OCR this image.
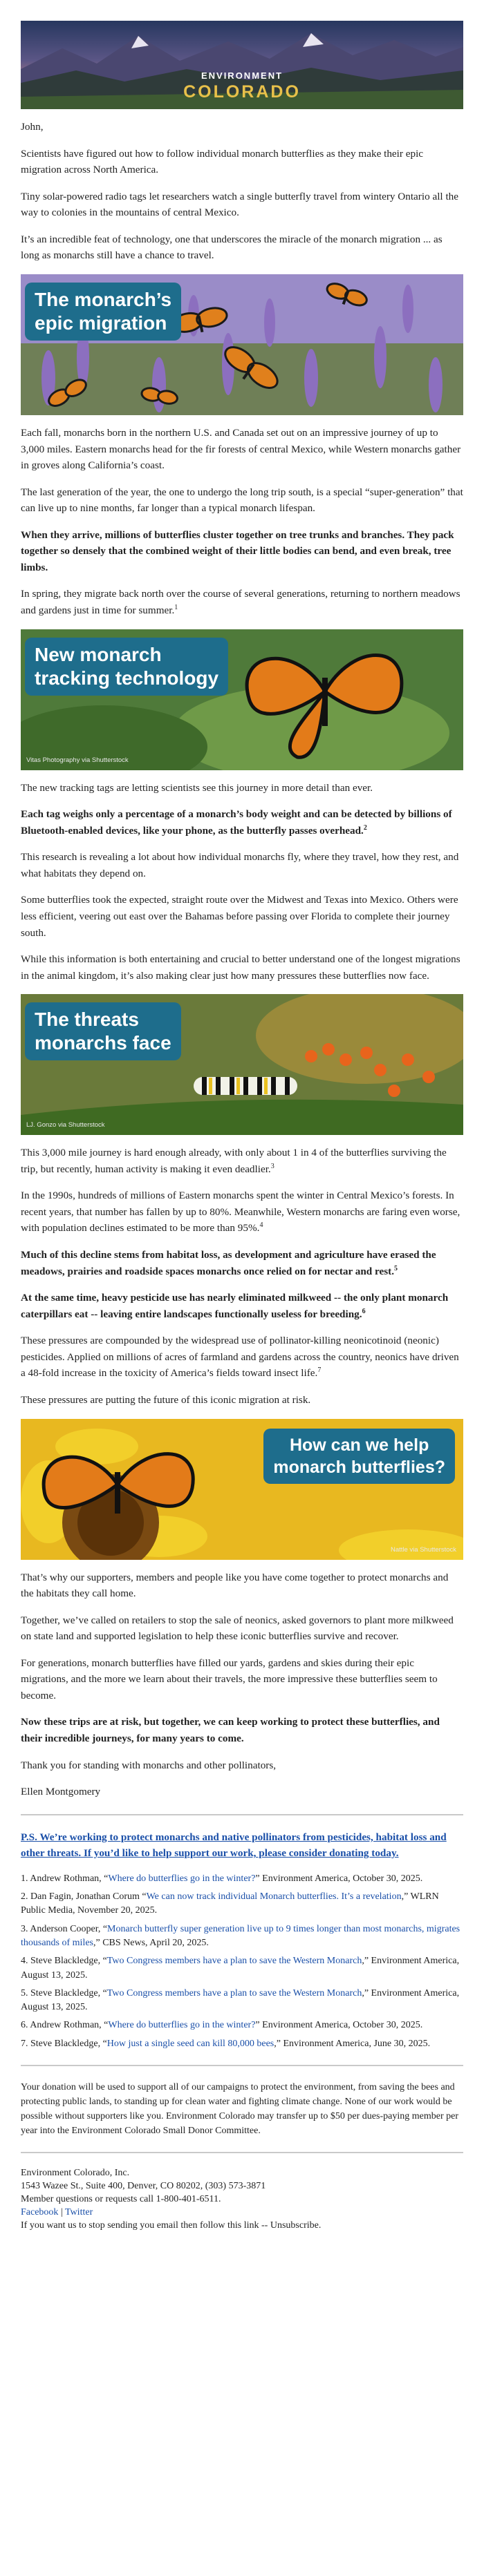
ENVIRONMENT
COLORADO

John,

Scientists have figured out how to follow individual monarch butterflies as they make their epic migration across North America.

Tiny solar-powered radio tags let researchers watch a single butterfly travel from wintery Ontario all the way to colonies in the mountains of central Mexico.

It’s an incredible feat of technology, one that underscores the miracle of the monarch migration ... as long as monarchs still have a chance to travel.

The monarch’s
epic migration

Each fall, monarchs born in the northern U.S. and Canada set out on an impressive journey of up to 3,000 miles. Eastern monarchs head for the fir forests of central Mexico, while Western monarchs gather in groves along California’s coast.

The last generation of the year, the one to undergo the long trip south, is a special “super-generation” that can live up to nine months, far longer than a typical monarch lifespan.

When they arrive, millions of butterflies cluster together on tree trunks and branches. They pack together so densely that the combined weight of their little bodies can bend, and even break, tree limbs.

In spring, they migrate back north over the course of several generations, returning to northern meadows and gardens just in time for summer.$^1$

New monarch
tracking technology
Vitas Photography via Shutterstock

The new tracking tags are letting scientists see this journey in more detail than ever.

Each tag weighs only a percentage of a monarch’s body weight and can be detected by billions of Bluetooth-enabled devices, like your phone, as the butterfly passes overhead.$^2$

This research is revealing a lot about how individual monarchs fly, where they travel, how they rest, and what habitats they depend on.

Some butterflies took the expected, straight route over the Midwest and Texas into Mexico. Others were less efficient, veering out east over the Bahamas before passing over Florida to complete their journey south.

While this information is both entertaining and crucial to better understand one of the longest migrations in the animal kingdom, it’s also making clear just how many pressures these butterflies now face.

The threats
monarchs face
LJ. Gonzo via Shutterstock

This 3,000 mile journey is hard enough already, with only about 1 in 4 of the butterflies surviving the trip, but recently, human activity is making it even deadlier.$^3$

In the 1990s, hundreds of millions of Eastern monarchs spent the winter in Central Mexico’s forests. In recent years, that number has fallen by up to 80%. Meanwhile, Western monarchs are faring even worse, with population declines estimated to be more than 95%.$^4$

Much of this decline stems from habitat loss, as development and agriculture have erased the meadows, prairies and roadside spaces monarchs once relied on for nectar and rest.$^5$

At the same time, heavy pesticide use has nearly eliminated milkweed -- the only plant monarch caterpillars eat -- leaving entire landscapes functionally useless for breeding.$^6$

These pressures are compounded by the widespread use of pollinator-killing neonicotinoid (neonic) pesticides. Applied on millions of acres of farmland and gardens across the country, neonics have driven a 48-fold increase in the toxicity of America’s fields toward insect life.$^7$

These pressures are putting the future of this iconic migration at risk.

How can we help
monarch butterflies?
Nattle via Shutterstock

That’s why our supporters, members and people like you have come together to protect monarchs and the habitats they call home.

Together, we’ve called on retailers to stop the sale of neonics, asked governors to plant more milkweed on state land and supported legislation to help these iconic butterflies survive and recover.

For generations, monarch butterflies have filled our yards, gardens and skies during their epic migrations, and the more we learn about their travels, the more impressive these butterflies seem to become.

Now these trips are at risk, but together, we can keep working to protect these butterflies, and their incredible journeys, for many years to come.

Thank you for standing with monarchs and other pollinators,

Ellen Montgomery

P.S. We’re working to protect monarchs and native pollinators from pesticides, habitat loss and other threats. If you’d like to help support our work, please consider donating today.

1. Andrew Rothman, “Where do butterflies go in the winter?” Environment America, October 30, 2025.
2. Dan Fagin, Jonathan Corum “We can now track individual Monarch butterflies. It’s a revelation,” WLRN Public Media, November 20, 2025.
3. Anderson Cooper, “Monarch butterfly super generation live up to 9 times longer than most monarchs, migrates thousands of miles,” CBS News, April 20, 2025.
4. Steve Blackledge, “Two Congress members have a plan to save the Western Monarch,” Environment America, August 13, 2025.
5. Steve Blackledge, “Two Congress members have a plan to save the Western Monarch,” Environment America, August 13, 2025.
6. Andrew Rothman, “Where do butterflies go in the winter?” Environment America, October 30, 2025.
7. Steve Blackledge, “How just a single seed can kill 80,000 bees,” Environment America, June 30, 2025.

Your donation will be used to support all of our campaigns to protect the environment, from saving the bees and protecting public lands, to standing up for clean water and fighting climate change. None of our work would be possible without supporters like you. Environment Colorado may transfer up to $50 per dues-paying member per year into the Environment Colorado Small Donor Committee.

Environment Colorado, Inc.
1543 Wazee St., Suite 400, Denver, CO 80202, (303) 573-3871
Member questions or requests call 1-800-401-6511.
Facebook | Twitter
If you want us to stop sending you email then follow this link -- Unsubscribe.
